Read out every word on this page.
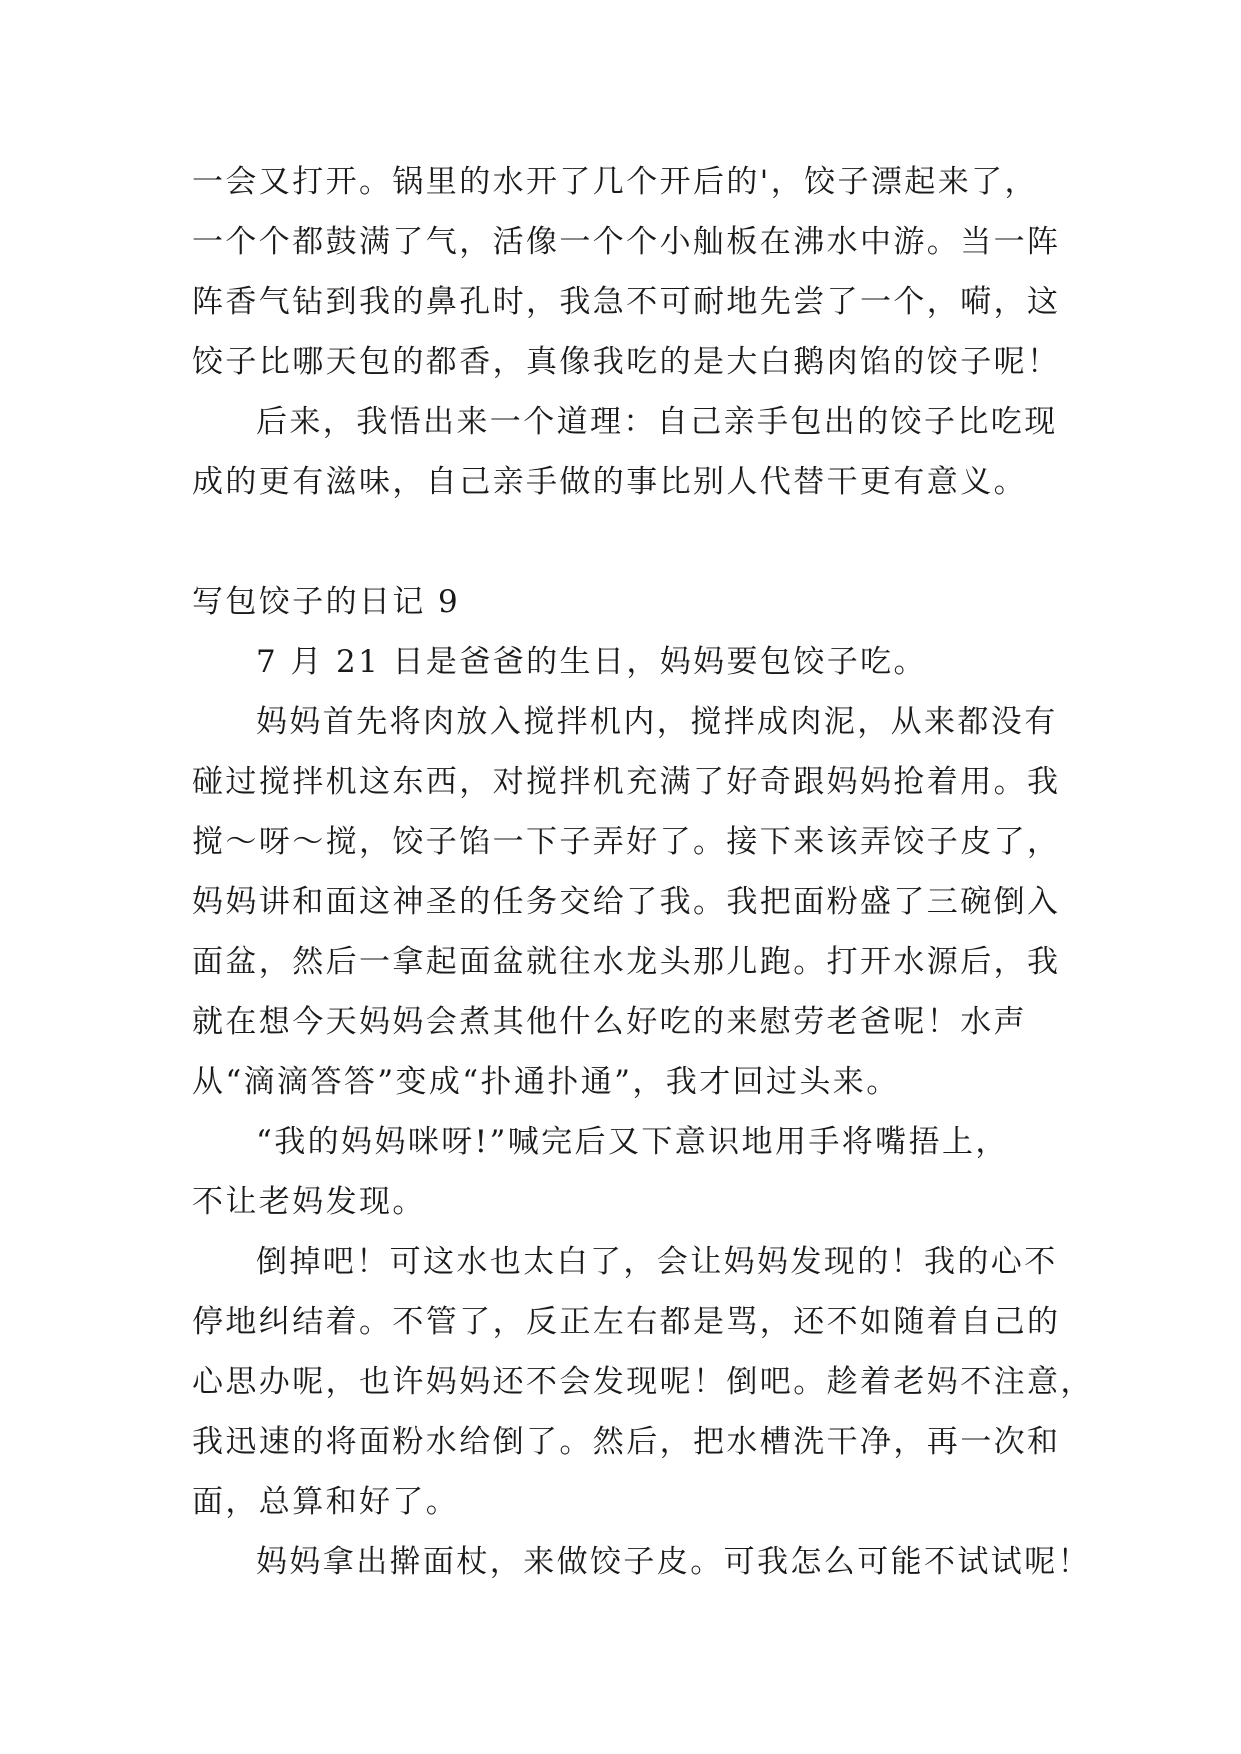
一会又打开。锅里的水开了几个开后的'，饺子漂起来了，
一个个都鼓满了气，活像一个个小舢板在沸水中游。当一阵
阵香气钻到我的鼻孔时，我急不可耐地先尝了一个，嗬，这
饺子比哪天包的都香，真像我吃的是大白鹅肉馅的饺子呢！
后来，我悟出来一个道理：自己亲手包出的饺子比吃现
成的更有滋味，自己亲手做的事比别人代替干更有意义。
写包饺子的日记 9
7 月 21 日是爸爸的生日，妈妈要包饺子吃。
妈妈首先将肉放入搅拌机内，搅拌成肉泥，从来都没有
碰过搅拌机这东西，对搅拌机充满了好奇跟妈妈抢着用。我
搅～呀～搅，饺子馅一下子弄好了。接下来该弄饺子皮了，
妈妈讲和面这神圣的任务交给了我。我把面粉盛了三碗倒入
面盆，然后一拿起面盆就往水龙头那儿跑。打开水源后，我
就在想今天妈妈会煮其他什么好吃的来慰劳老爸呢！水声
从“滴滴答答”变成“扑通扑通”，我才回过头来。
“我的妈妈咪呀!”喊完后又下意识地用手将嘴捂上，
不让老妈发现。
倒掉吧！可这水也太白了，会让妈妈发现的！我的心不
停地纠结着。不管了，反正左右都是骂，还不如随着自己的
心思办呢，也许妈妈还不会发现呢！倒吧。趁着老妈不注意，
我迅速的将面粉水给倒了。然后，把水槽洗干净，再一次和
面，总算和好了。
妈妈拿出擀面杖，来做饺子皮。可我怎么可能不试试呢！
